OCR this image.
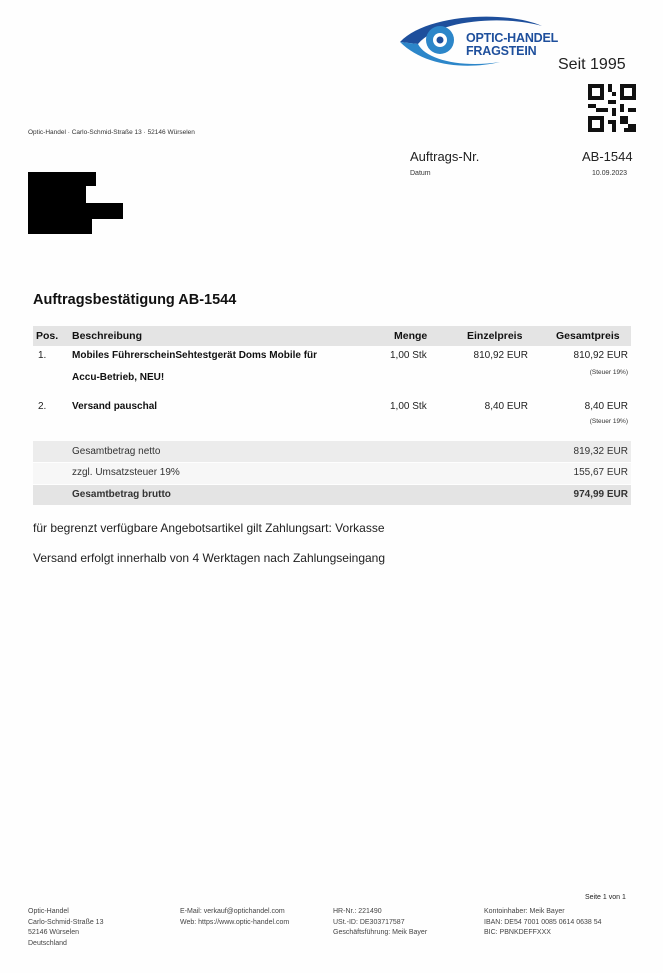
OPTIC-HANDEL
FRAGSTEIN
Seit 1995
Optic-Handel · Carlo-Schmid-Straße 13 · 52146 Würselen
Auftrags-Nr.	AB-1544
Datum	10.09.2023
Auftragsbestätigung AB-1544
Pos. Beschreibung	Menge	Einzelpreis	Gesamtpreis
1.	Mobiles FührerscheinSehtestgerät Doms Mobile für
Accu-Betrieb, NEU!
1,00 Stk	810,92 EUR	810,92 EUR
(Steuer 19%)
2.	Versand pauschal	1,00 Stk	8,40 EUR	8,40 EUR
(Steuer 19%)
Gesamtbetrag netto	819,32 EUR
zzgl. Umsatzsteuer 19%	155,67 EUR
Gesamtbetrag brutto	974,99 EUR
für begrenzt verfügbare Angebotsartikel gilt Zahlungsart: Vorkasse
Versand erfolgt innerhalb von 4 Werktagen nach Zahlungseingang
Seite 1 von 1
Optic-Handel
Carlo-Schmid-Straße 13
52146 Würselen
Deutschland
E-Mail: verkauf@optichandel.com
Web: https://www.optic-handel.com
HR-Nr.: 221490
USt.-ID: DE303717587
Geschäftsführung: Meik Bayer
Kontoinhaber: Meik Bayer
IBAN: DE54 7001 0085 0614 0638 54
BIC: PBNKDEFFXXX
